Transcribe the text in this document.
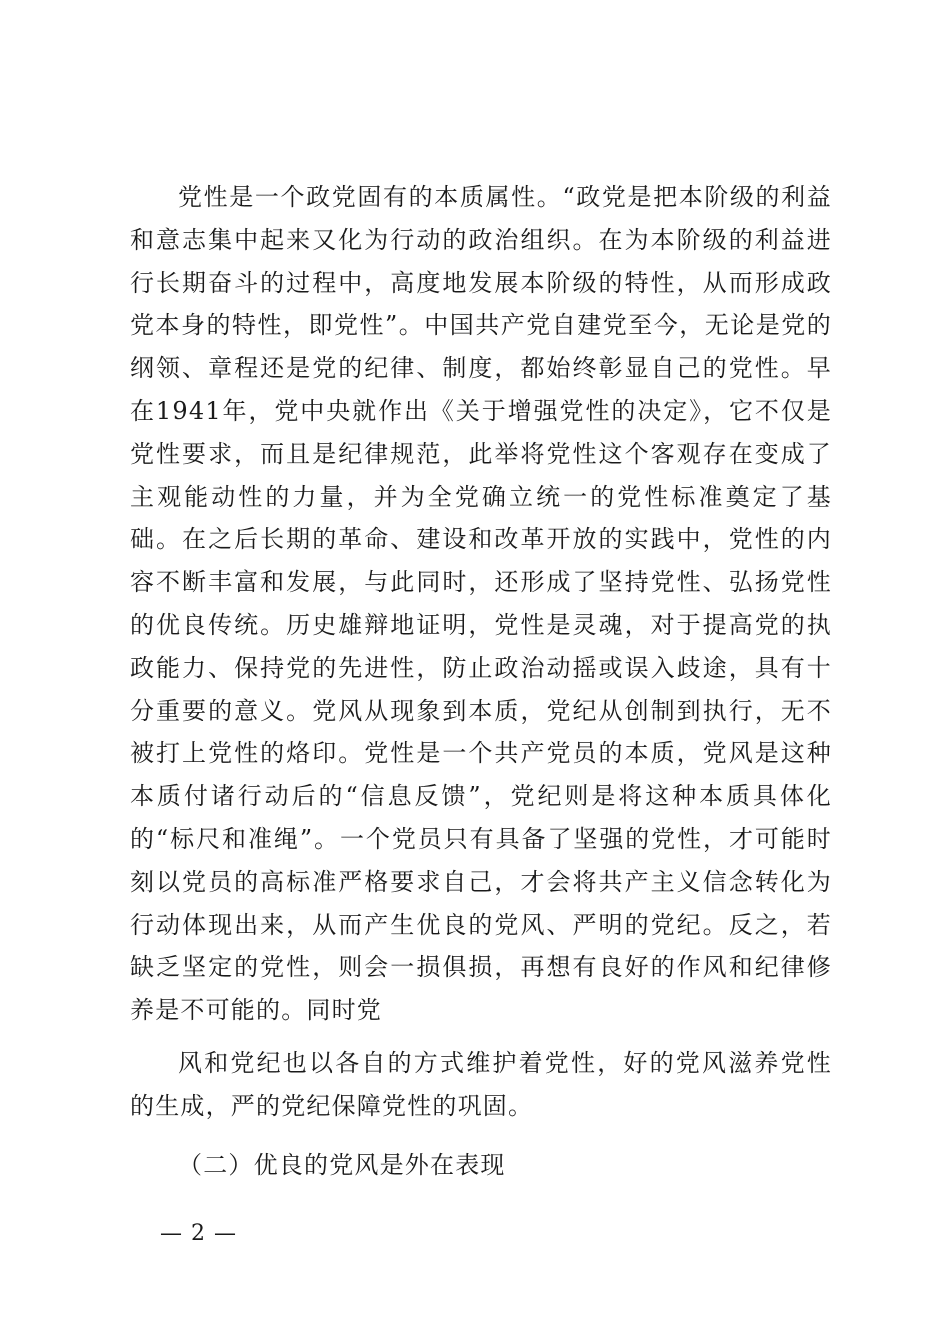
党性是一个政党固有的本质属性。“政党是把本阶级的利益和意志集中起来又化为行动的政治组织。在为本阶级的利益进行长期奋斗的过程中，高度地发展本阶级的特性，从而形成政党本身的特性，即党性”。中国共产党自建党至今，无论是党的纲领、章程还是党的纪律、制度，都始终彰显自己的党性。早在1941年，党中央就作出《关于增强党性的决定》，它不仅是党性要求，而且是纪律规范，此举将党性这个客观存在变成了主观能动性的力量，并为全党确立统一的党性标准奠定了基础。在之后长期的革命、建设和改革开放的实践中，党性的内容不断丰富和发展，与此同时，还形成了坚持党性、弘扬党性的优良传统。历史雄辩地证明，党性是灵魂，对于提高党的执政能力、保持党的先进性，防止政治动摇或误入歧途，具有十分重要的意义。党风从现象到本质，党纪从创制到执行，无不被打上党性的烙印。党性是一个共产党员的本质，党风是这种本质付诸行动后的“信息反馈”，党纪则是将这种本质具体化的“标尺和准绳”。一个党员只有具备了坚强的党性，才可能时刻以党员的高标准严格要求自己，才会将共产主义信念转化为行动体现出来，从而产生优良的党风、严明的党纪。反之，若缺乏坚定的党性，则会一损俱损，再想有良好的作风和纪律修养是不可能的。同时党

风和党纪也以各自的方式维护着党性，好的党风滋养党性的生成，严的党纪保障党性的巩固。

（二）优良的党风是外在表现
— 2 —
